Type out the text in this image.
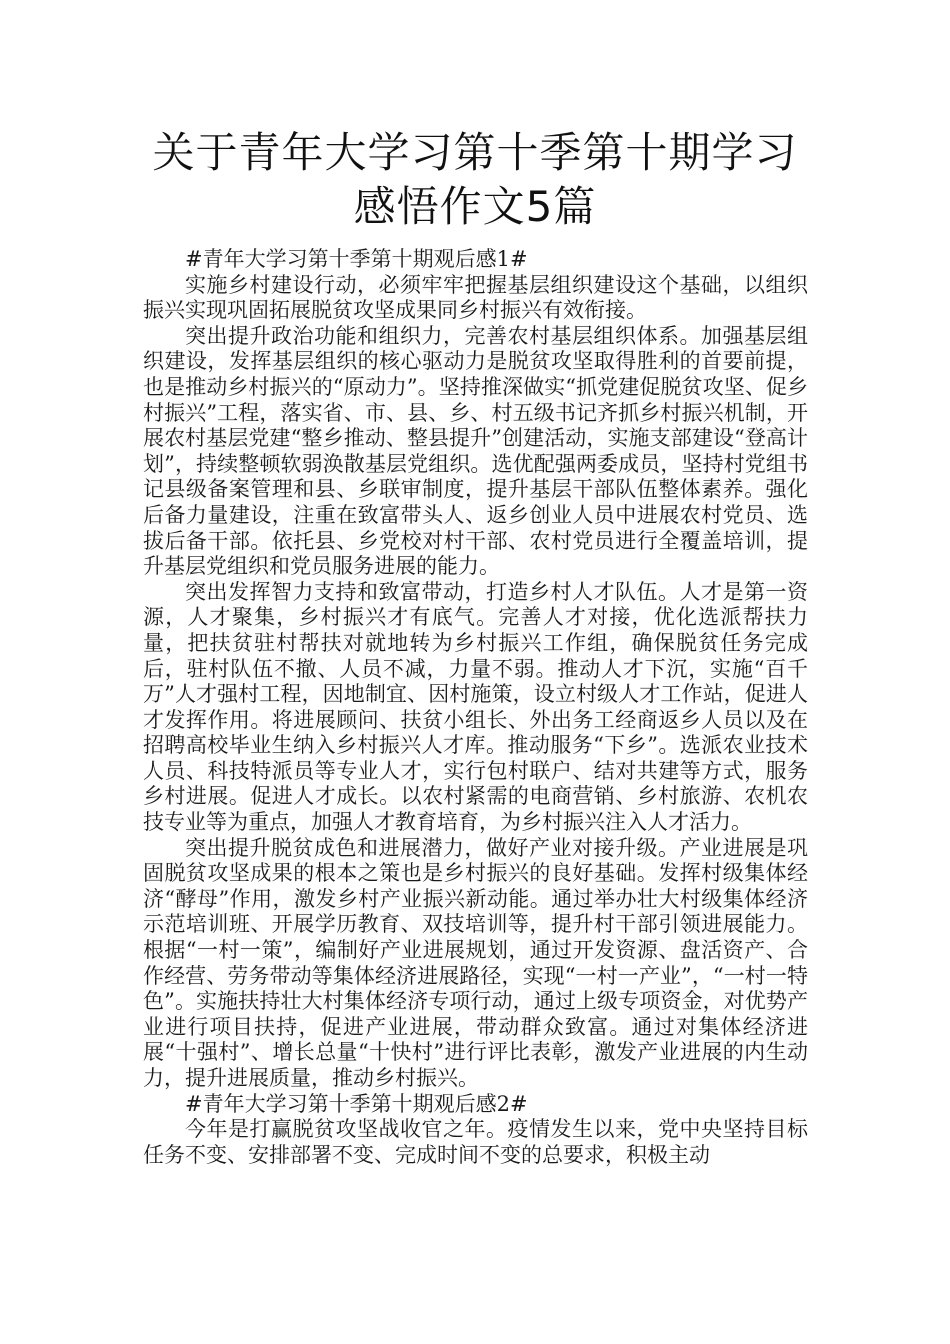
关于青年大学习第十季第十期学习感悟作文5篇

#青年大学习第十季第十期观后感1#

实施乡村建设行动，必须牢牢把握基层组织建设这个基础，以组织振兴实现巩固拓展脱贫攻坚成果同乡村振兴有效衔接。

突出提升政治功能和组织力，完善农村基层组织体系。加强基层组织建设，发挥基层组织的核心驱动力是脱贫攻坚取得胜利的首要前提，也是推动乡村振兴的“原动力”。坚持推深做实“抓党建促脱贫攻坚、促乡村振兴”工程，落实省、市、县、乡、村五级书记齐抓乡村振兴机制，开展农村基层党建“整乡推动、整县提升”创建活动，实施支部建设“登高计划”，持续整顿软弱涣散基层党组织。选优配强两委成员，坚持村党组书记县级备案管理和县、乡联审制度，提升基层干部队伍整体素养。强化后备力量建设，注重在致富带头人、返乡创业人员中进展农村党员、选拔后备干部。依托县、乡党校对村干部、农村党员进行全覆盖培训，提升基层党组织和党员服务进展的能力。

突出发挥智力支持和致富带动，打造乡村人才队伍。人才是第一资源，人才聚集，乡村振兴才有底气。完善人才对接，优化选派帮扶力量，把扶贫驻村帮扶对就地转为乡村振兴工作组，确保脱贫任务完成后，驻村队伍不撤、人员不减，力量不弱。推动人才下沉，实施“百千万”人才强村工程，因地制宜、因村施策，设立村级人才工作站，促进人才发挥作用。将进展顾问、扶贫小组长、外出务工经商返乡人员以及在招聘高校毕业生纳入乡村振兴人才库。推动服务“下乡”。选派农业技术人员、科技特派员等专业人才，实行包村联户、结对共建等方式，服务乡村进展。促进人才成长。以农村紧需的电商营销、乡村旅游、农机农技专业等为重点，加强人才教育培育，为乡村振兴注入人才活力。

突出提升脱贫成色和进展潜力，做好产业对接升级。产业进展是巩固脱贫攻坚成果的根本之策也是乡村振兴的良好基础。发挥村级集体经济“酵母”作用，激发乡村产业振兴新动能。通过举办壮大村级集体经济示范培训班、开展学历教育、双技培训等，提升村干部引领进展能力。根据“一村一策”，编制好产业进展规划，通过开发资源、盘活资产、合作经营、劳务带动等集体经济进展路径，实现“一村一产业”，“一村一特色”。实施扶持壮大村集体经济专项行动，通过上级专项资金，对优势产业进行项目扶持，促进产业进展，带动群众致富。通过对集体经济进展“十强村”、增长总量“十快村”进行评比表彰，激发产业进展的内生动力，提升进展质量，推动乡村振兴。

#青年大学习第十季第十期观后感2#

今年是打赢脱贫攻坚战收官之年。疫情发生以来，党中央坚持目标任务不变、安排部署不变、完成时间不变的总要求，积极主动
